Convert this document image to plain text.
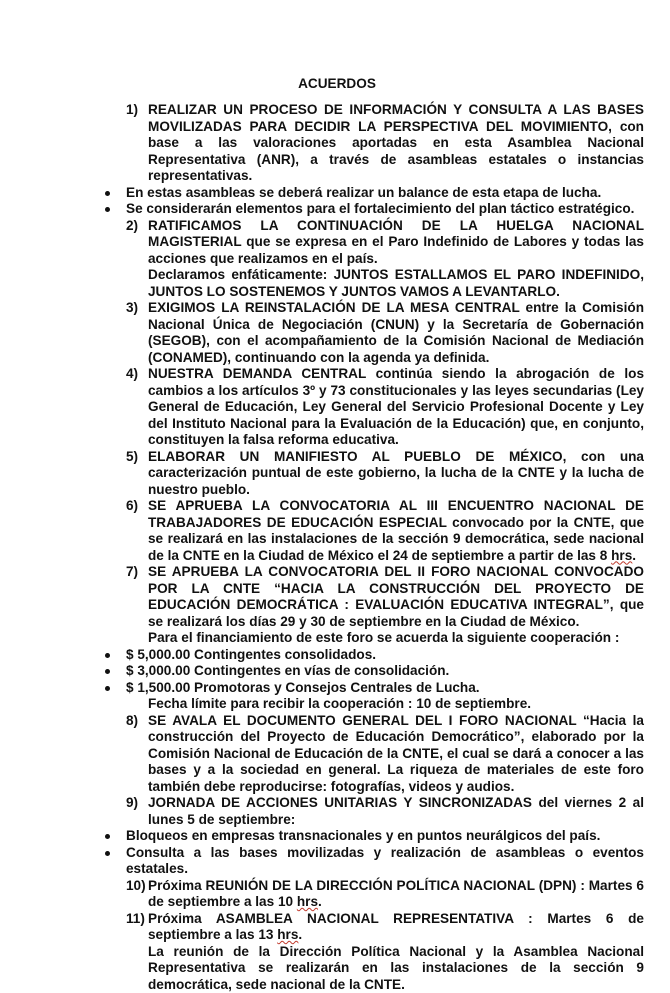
ACUERDOS
1) REALIZAR UN PROCESO DE INFORMACIÓN Y CONSULTA A LAS BASES MOVILIZADAS PARA DECIDIR LA PERSPECTIVA DEL MOVIMIENTO, con base a las valoraciones aportadas en esta Asamblea Nacional Representativa (ANR), a través de asambleas estatales o instancias representativas.

En estas asambleas se deberá realizar un balance de esta etapa de lucha.

Se considerarán elementos para el fortalecimiento del plan táctico estratégico.

2) RATIFICAMOS LA CONTINUACIÓN DE LA HUELGA NACIONAL MAGISTERIAL que se expresa en el Paro Indefinido de Labores y todas las acciones que realizamos en el país.

Declaramos enfáticamente: JUNTOS ESTALLAMOS EL PARO INDEFINIDO, JUNTOS LO SOSTENEMOS Y JUNTOS VAMOS A LEVANTARLO.

3) EXIGIMOS LA REINSTALACIÓN DE LA MESA CENTRAL entre la Comisión Nacional Única de Negociación (CNUN) y la Secretaría de Gobernación (SEGOB), con el acompañamiento de la Comisión Nacional de Mediación (CONAMED), continuando con la agenda ya definida.

4) NUESTRA DEMANDA CENTRAL continúa siendo la abrogación de los cambios a los artículos 3º y 73 constitucionales y las leyes secundarias (Ley General de Educación, Ley General del Servicio Profesional Docente y Ley del Instituto Nacional para la Evaluación de la Educación) que, en conjunto, constituyen la falsa reforma educativa.

5) ELABORAR UN MANIFIESTO AL PUEBLO DE MÉXICO, con una caracterización puntual de este gobierno, la lucha de la CNTE y la lucha de nuestro pueblo.

6) SE APRUEBA LA CONVOCATORIA AL III ENCUENTRO NACIONAL DE TRABAJADORES DE EDUCACIÓN ESPECIAL convocado por la CNTE, que se realizará en las instalaciones de la sección 9 democrática, sede nacional de la CNTE en la Ciudad de México el 24 de septiembre a partir de las 8 hrs.

7) SE APRUEBA LA CONVOCATORIA DEL II FORO NACIONAL CONVOCADO POR LA CNTE “HACIA LA CONSTRUCCIÓN DEL PROYECTO DE EDUCACIÓN DEMOCRÁTICA : EVALUACIÓN EDUCATIVA INTEGRAL”, que se realizará los días 29 y 30 de septiembre en la Ciudad de México.

Para el financiamiento de este foro se acuerda la siguiente cooperación :

$ 5,000.00 Contingentes consolidados.

$ 3,000.00 Contingentes en vías de consolidación.

$ 1,500.00 Promotoras y Consejos Centrales de Lucha.

Fecha límite para recibir la cooperación : 10 de septiembre.

8) SE AVALA EL DOCUMENTO GENERAL DEL I FORO NACIONAL “Hacia la construcción del Proyecto de Educación Democrático”, elaborado por la Comisión Nacional de Educación de la CNTE, el cual se dará a conocer a las bases y a la sociedad en general. La riqueza de materiales de este foro también debe reproducirse: fotografías, videos y audios.

9) JORNADA DE ACCIONES UNITARIAS Y SINCRONIZADAS del viernes 2 al lunes 5 de septiembre:

Bloqueos en empresas transnacionales y en puntos neurálgicos del país.

Consulta a las bases movilizadas y realización de asambleas o eventos estatales.

10) Próxima REUNIÓN DE LA DIRECCIÓN POLÍTICA NACIONAL (DPN) : Martes 6 de septiembre a las 10 hrs.

11) Próxima ASAMBLEA NACIONAL REPRESENTATIVA : Martes 6 de septiembre a las 13 hrs.

La reunión de la Dirección Política Nacional y la Asamblea Nacional Representativa se realizarán en las instalaciones de la sección 9 democrática, sede nacional de la CNTE.
